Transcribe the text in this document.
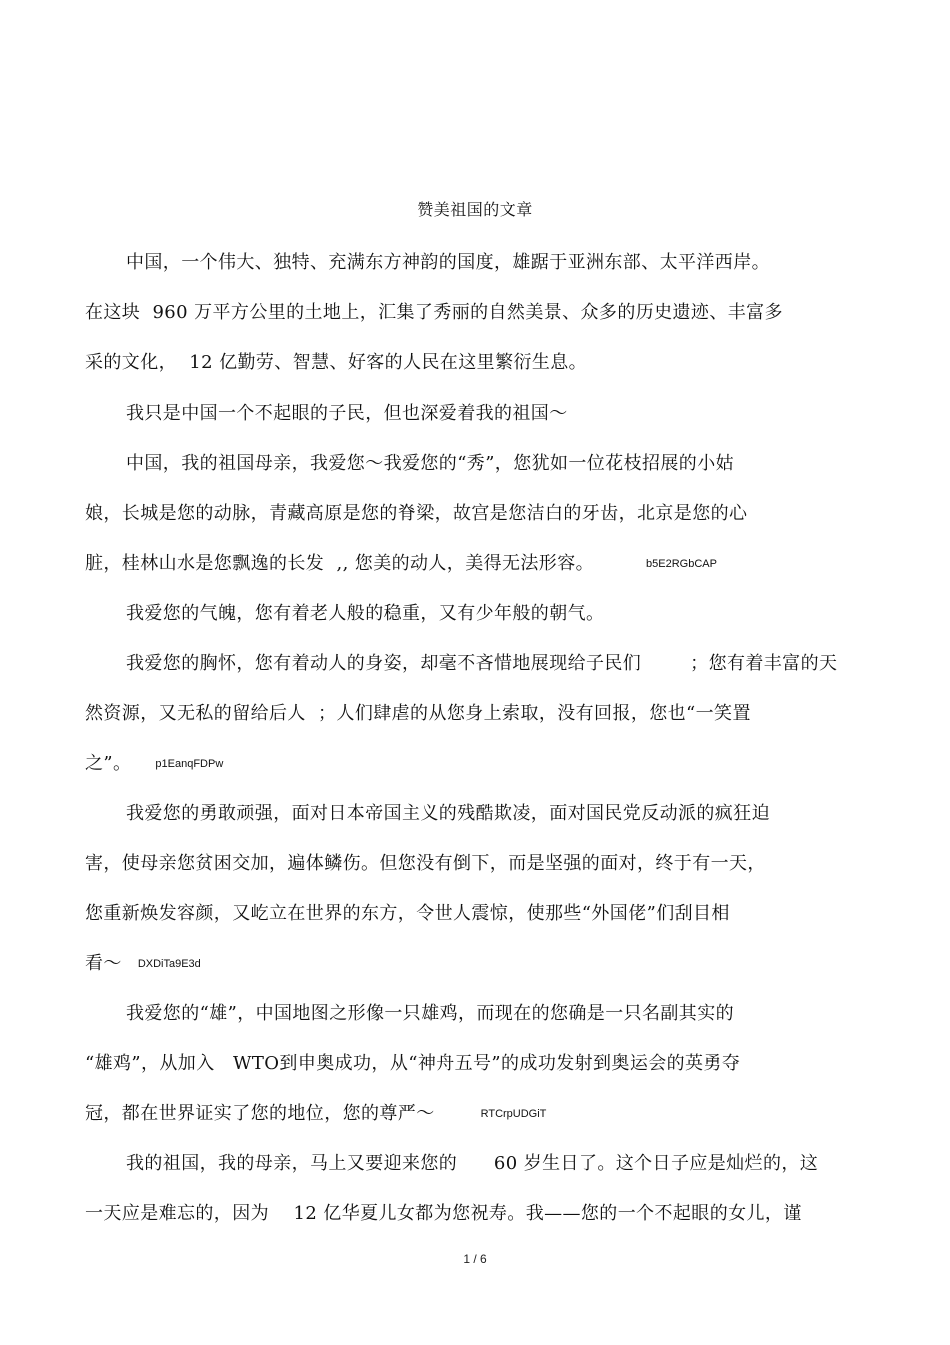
赞美祖国的文章
中国，一个伟大、独特、充满东方神韵的国度，雄踞于亚洲东部、太平洋西岸。
在这块  960 万平方公里的土地上，汇集了秀丽的自然美景、众多的历史遗迹、丰富多
采的文化，  12 亿勤劳、智慧、好客的人民在这里繁衍生息。
我只是中国一个不起眼的子民，但也深爱着我的祖国～
中国，我的祖国母亲，我爱您～我爱您的“秀”，您犹如一位花枝招展的小姑
娘，长城是您的动脉，青藏高原是您的脊梁，故宫是您洁白的牙齿，北京是您的心
脏，桂林山水是您飘逸的长发  ,, 您美的动人，美得无法形容。	b5E2RGbCAP
我爱您的气魄，您有着老人般的稳重，又有少年般的朝气。
我爱您的胸怀，您有着动人的身姿，却毫不吝惜地展现给子民们        ；您有着丰富的天
然资源，又无私的留给后人  ；人们肆虐的从您身上索取，没有回报，您也“一笑置
之”。 p1EanqFDPw
我爱您的勇敢顽强，面对日本帝国主义的残酷欺凌，面对国民党反动派的疯狂迫
害，使母亲您贫困交加，遍体鳞伤。但您没有倒下，而是坚强的面对，终于有一天，
您重新焕发容颜，又屹立在世界的东方，令世人震惊，使那些“外国佬”们刮目相
看～ DXDiTa9E3d
我爱您的“雄”，中国地图之形像一只雄鸡，而现在的您确是一只名副其实的
“雄鸡”，从加入   WTO到申奥成功，从“神舟五号”的成功发射到奥运会的英勇夺
冠，都在世界证实了您的地位，您的尊严～	RTCrpUDGiT
我的祖国，我的母亲，马上又要迎来您的      60 岁生日了。这个日子应是灿烂的，这
一天应是难忘的，因为    12 亿华夏儿女都为您祝寿。我——您的一个不起眼的女儿，谨
1 / 6
